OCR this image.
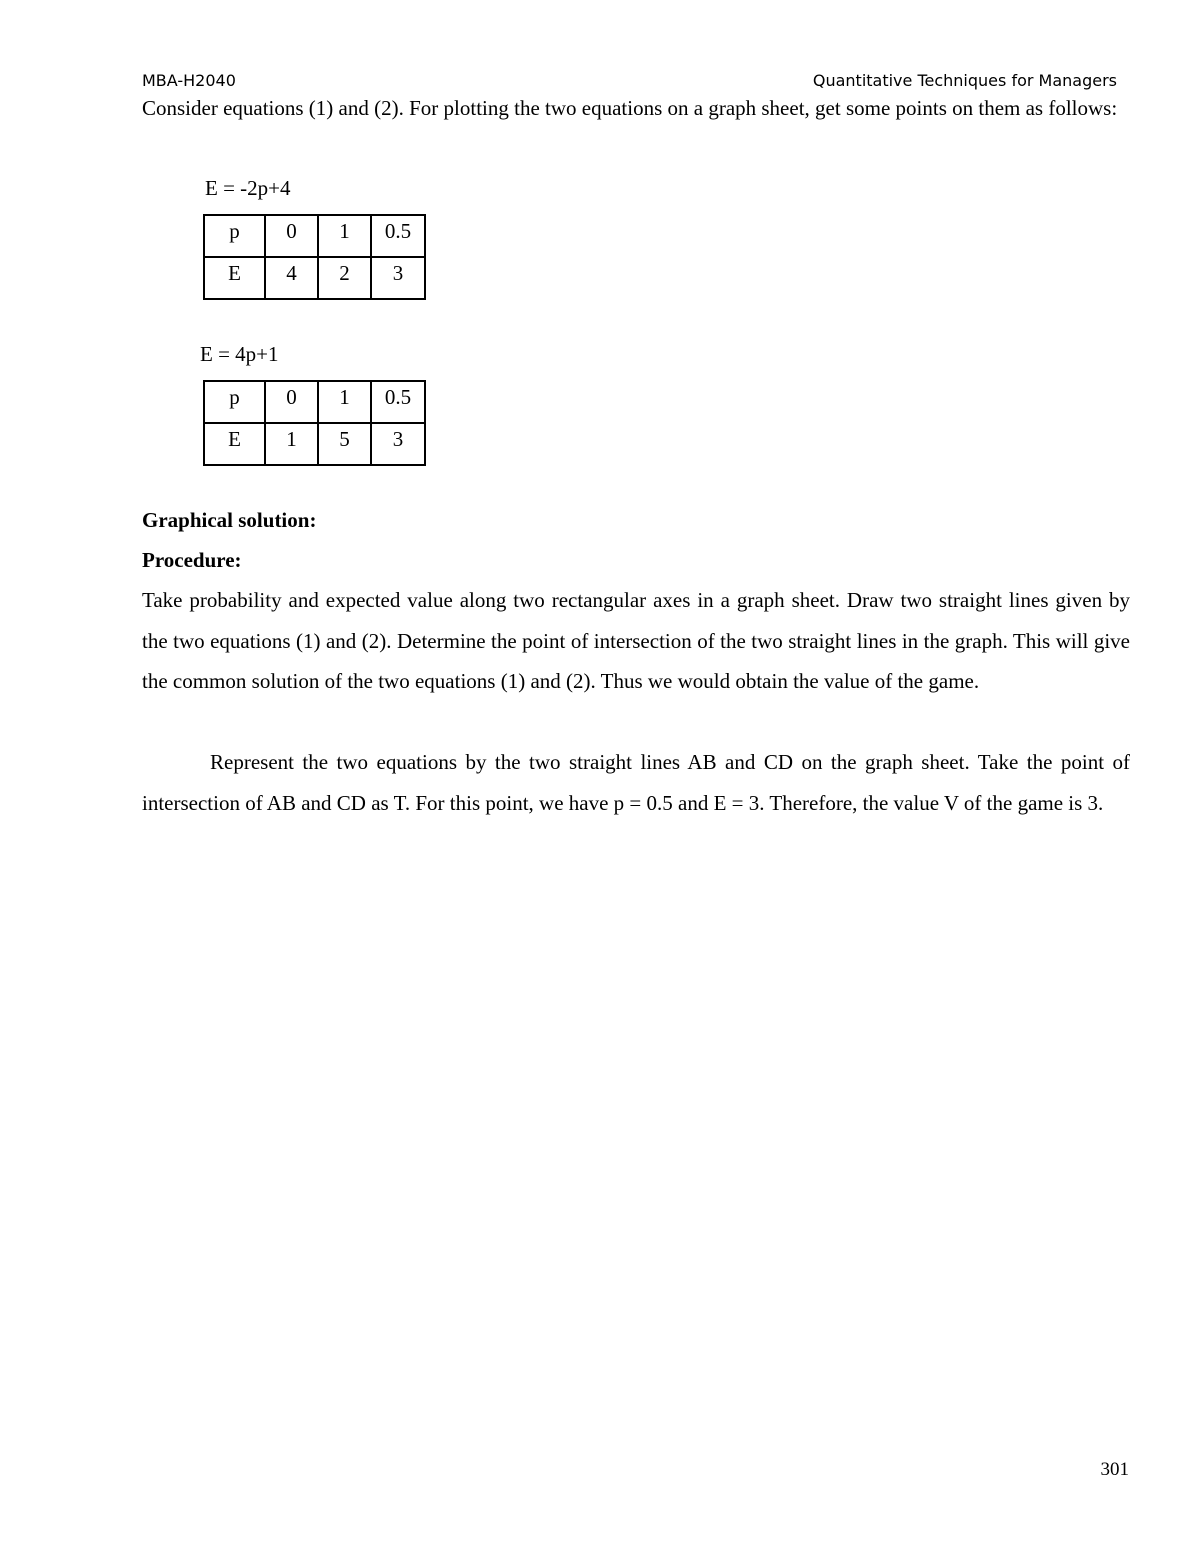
MBA-H2040	Quantitative Techniques for Managers
Consider equations (1) and (2). For plotting the two equations on a graph sheet, get some points on them as follows:
E = -2p+4
p	0	1	0.5
E	4	2	3
E = 4p+1
p	0	1	0.5
E	1	5	3
Graphical solution:
Procedure:
Take probability and expected value along two rectangular axes in a graph sheet. Draw two straight lines given by the two equations (1) and (2). Determine the point of intersection of the two straight lines in the graph. This will give the common solution of the two equations (1) and (2). Thus we would obtain the value of the game.
Represent the two equations by the two straight lines AB and CD on the graph sheet. Take the point of intersection of AB and CD as T. For this point, we have p = 0.5 and E = 3. Therefore, the value V of the game is 3.
301
